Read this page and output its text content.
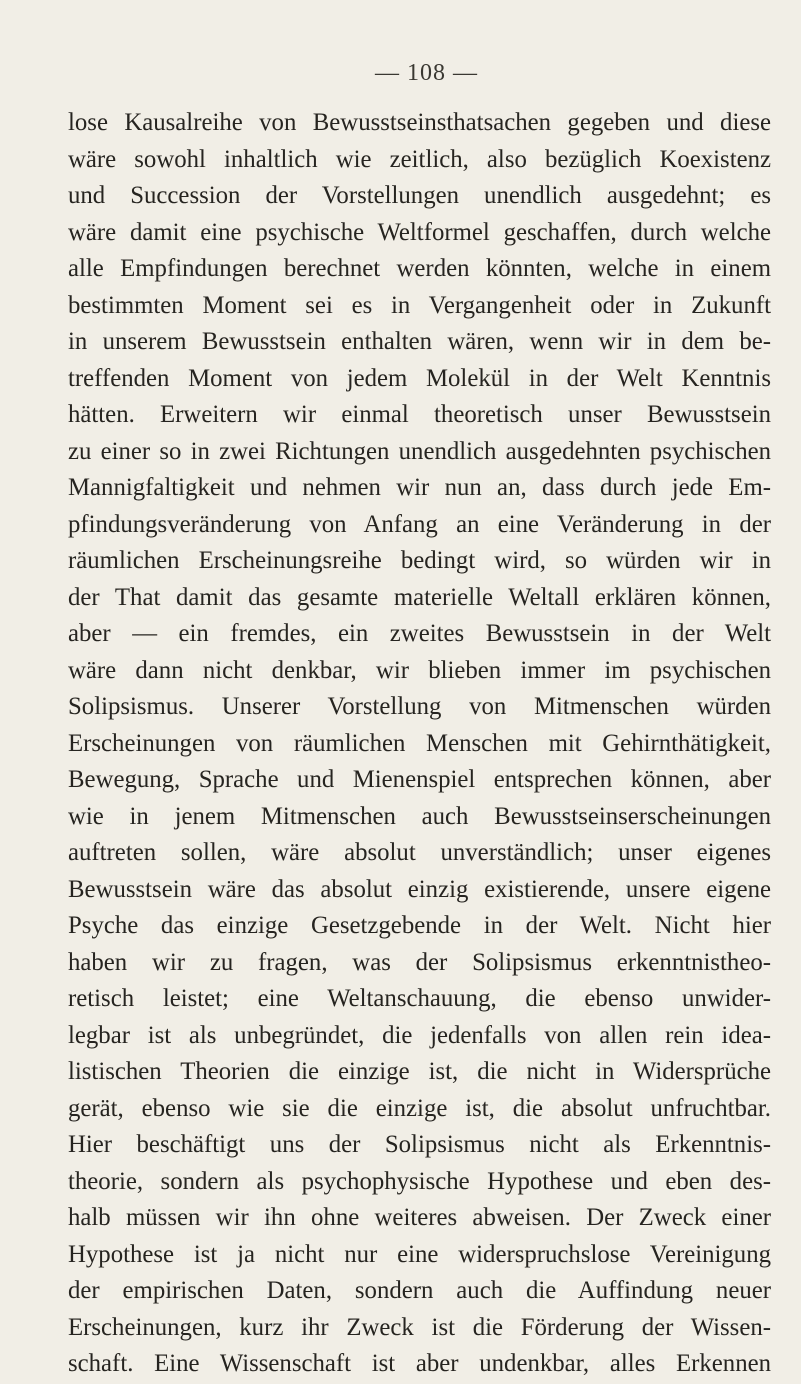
— 108 —
lose Kausalreihe von Bewusstseinsthatsachen gegeben und diese
wäre sowohl inhaltlich wie zeitlich, also bezüglich Koexistenz
und Succession der Vorstellungen unendlich ausgedehnt; es
wäre damit eine psychische Weltformel geschaffen, durch welche
alle Empfindungen berechnet werden könnten, welche in einem
bestimmten Moment sei es in Vergangenheit oder in Zukunft
in unserem Bewusstsein enthalten wären, wenn wir in dem be-
treffenden Moment von jedem Molekül in der Welt Kenntnis
hätten. Erweitern wir einmal theoretisch unser Bewusstsein
zu einer so in zwei Richtungen unendlich ausgedehnten psychischen
Mannigfaltigkeit und nehmen wir nun an, dass durch jede Em-
pfindungsveränderung von Anfang an eine Veränderung in der
räumlichen Erscheinungsreihe bedingt wird, so würden wir in
der That damit das gesamte materielle Weltall erklären können,
aber — ein fremdes, ein zweites Bewusstsein in der Welt
wäre dann nicht denkbar, wir blieben immer im psychischen
Solipsismus. Unserer Vorstellung von Mitmenschen würden
Erscheinungen von räumlichen Menschen mit Gehirnthätigkeit,
Bewegung, Sprache und Mienenspiel entsprechen können, aber
wie in jenem Mitmenschen auch Bewusstseinserscheinungen
auftreten sollen, wäre absolut unverständlich; unser eigenes
Bewusstsein wäre das absolut einzig existierende, unsere eigene
Psyche das einzige Gesetzgebende in der Welt. Nicht hier
haben wir zu fragen, was der Solipsismus erkenntnistheo-
retisch leistet; eine Weltanschauung, die ebenso unwider-
legbar ist als unbegründet, die jedenfalls von allen rein idea-
listischen Theorien die einzige ist, die nicht in Widersprüche
gerät, ebenso wie sie die einzige ist, die absolut unfruchtbar.
Hier beschäftigt uns der Solipsismus nicht als Erkenntnis-
theorie, sondern als psychophysische Hypothese und eben des-
halb müssen wir ihn ohne weiteres abweisen. Der Zweck einer
Hypothese ist ja nicht nur eine widerspruchslose Vereinigung
der empirischen Daten, sondern auch die Auffindung neuer
Erscheinungen, kurz ihr Zweck ist die Förderung der Wissen-
schaft. Eine Wissenschaft ist aber undenkbar, alles Erkennen
